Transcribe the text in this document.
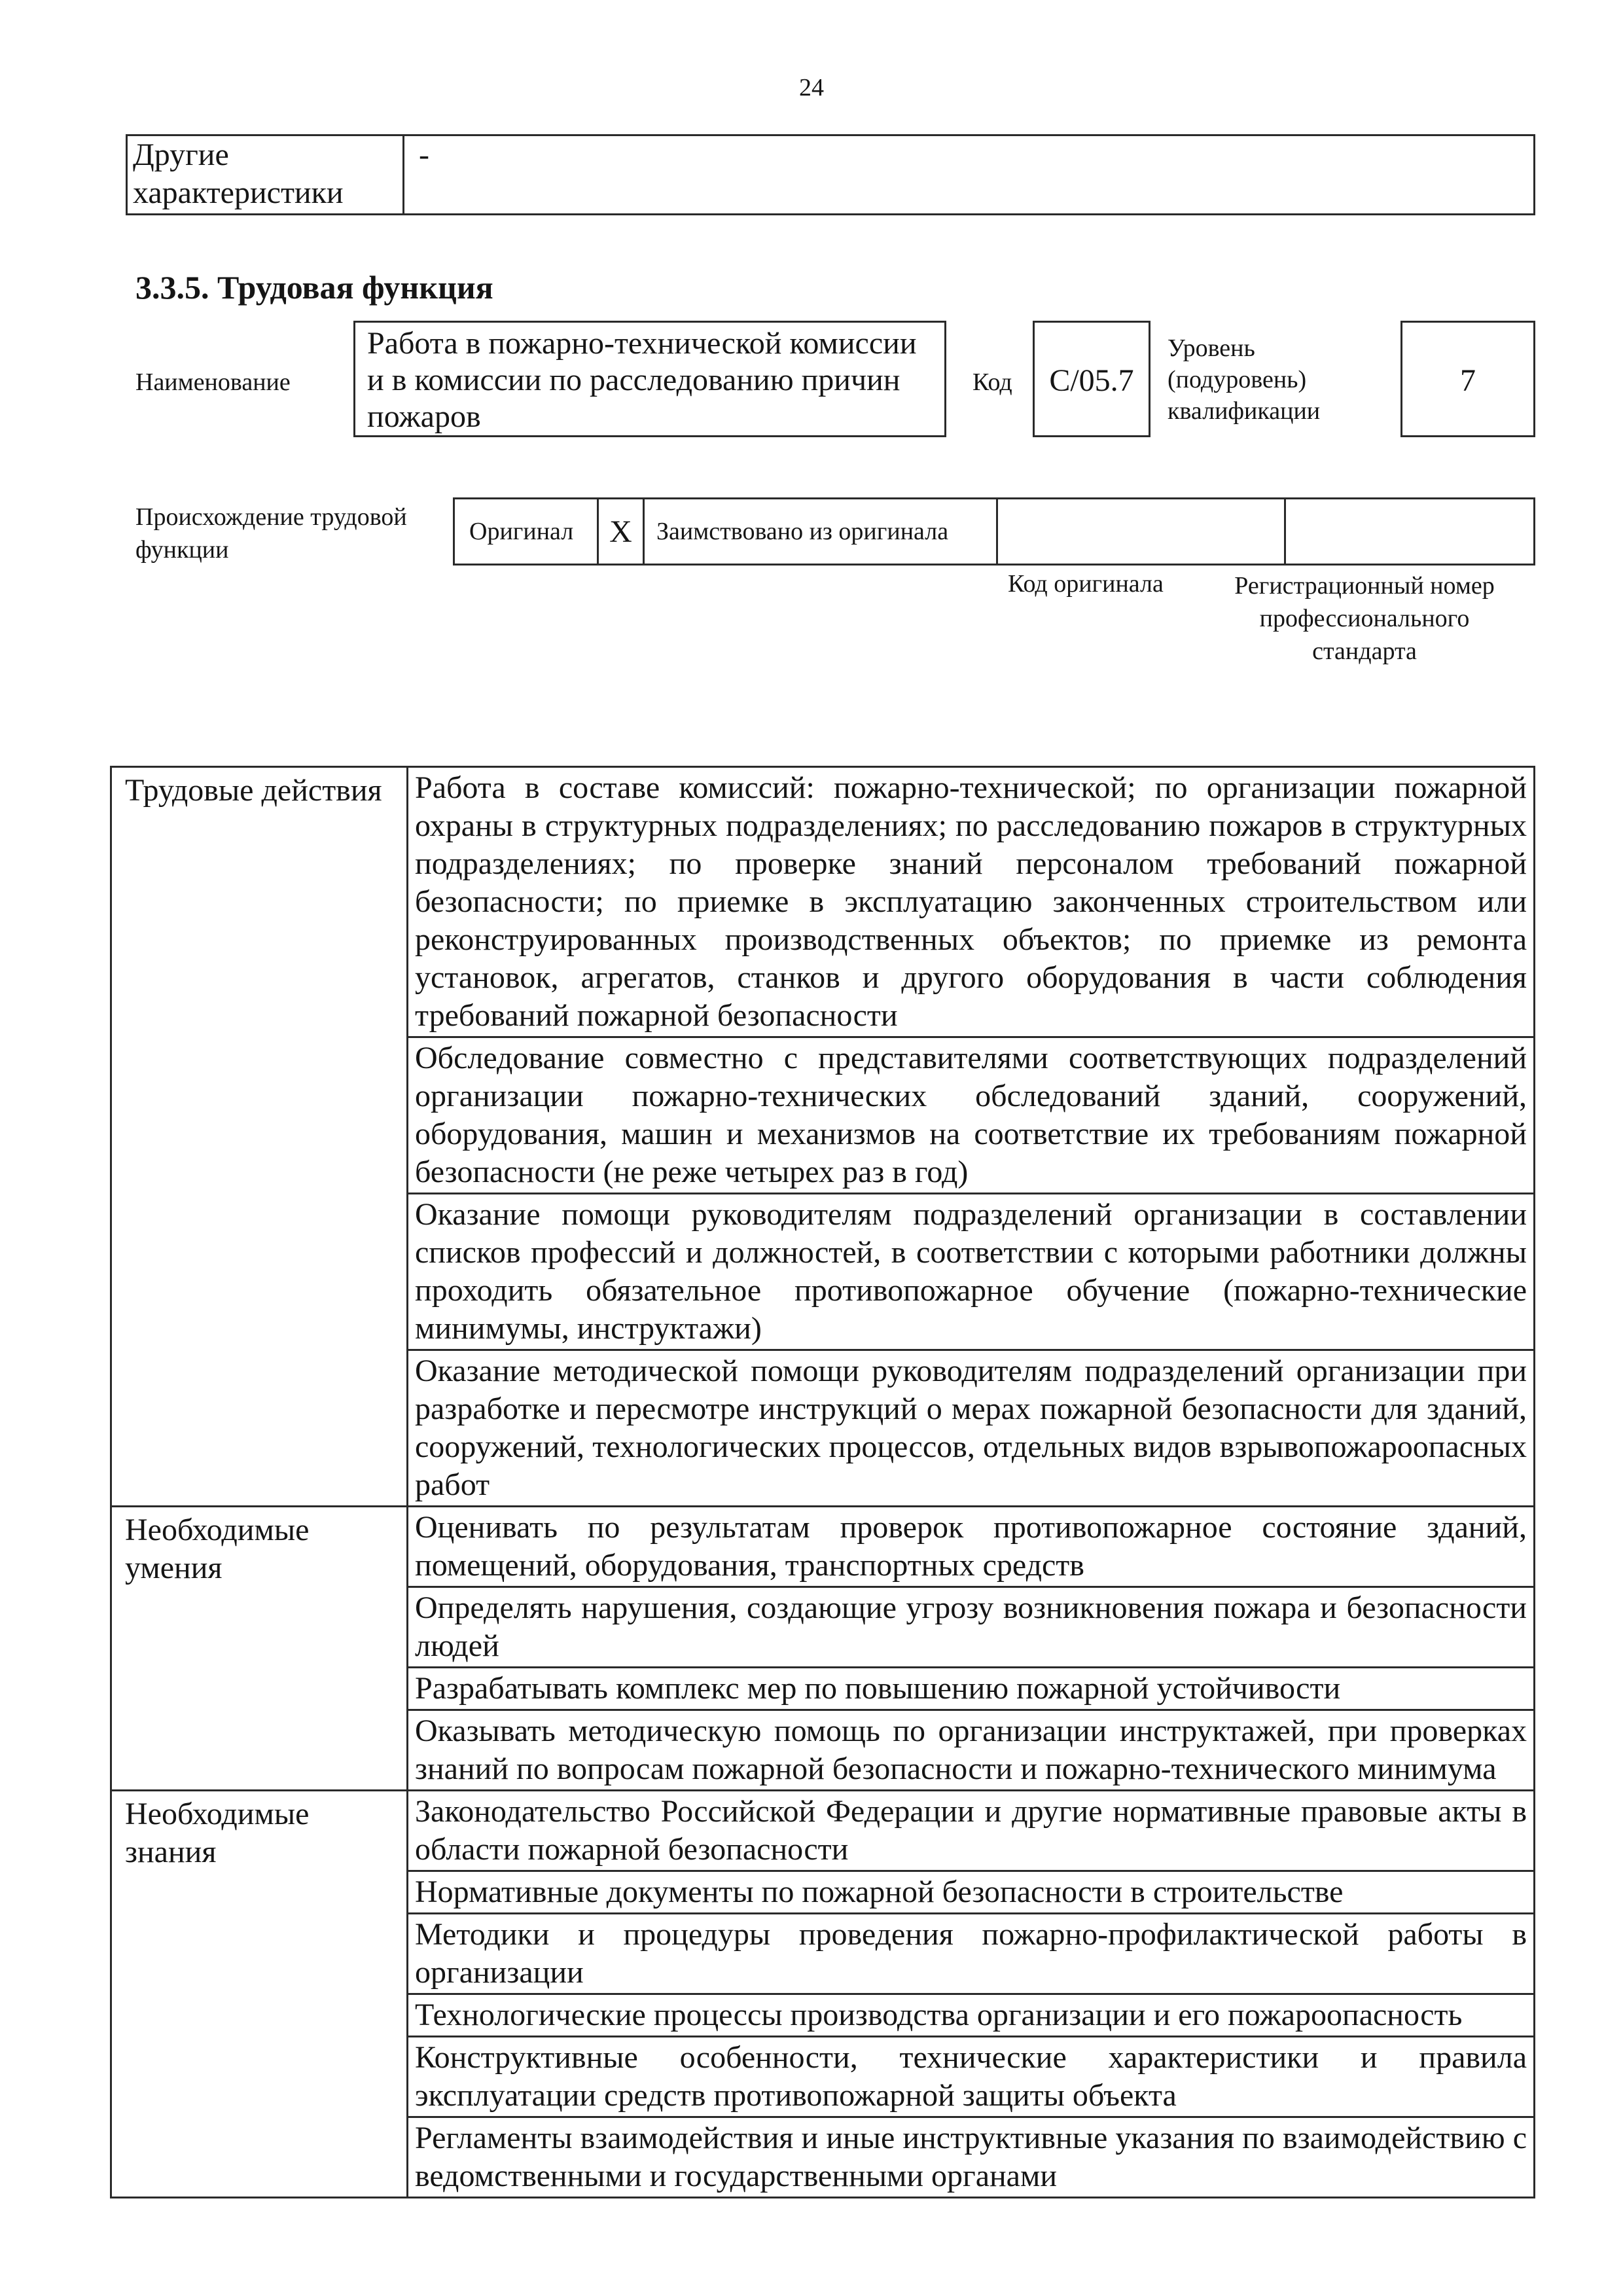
24
Другие характеристики	-
3.3.5. Трудовая функция
Наименование
Работа в пожарно-технической комиссии и в комиссии по расследованию причин пожаров
Код	C/05.7
Уровень (подуровень) квалификации
7
Происхождение трудовой функции
Оригинал	X Заимствовано из оригинала
Код оригинала	Регистрационный номер профессионального стандарта
Трудовые действия	Работа в составе комиссий: пожарно-технической; по организации пожарной охраны в структурных подразделениях; по расследованию пожаров в структурных подразделениях; по проверке знаний персоналом требований пожарной безопасности; по приемке в эксплуатацию законченных строительством или реконструированных производственных объектов; по приемке из ремонта установок, агрегатов, станков и другого оборудования в части соблюдения требований пожарной безопасности
	Обследование совместно с представителями соответствующих подразделений организации пожарно-технических обследований зданий, сооружений, оборудования, машин и механизмов на соответствие их требованиям пожарной безопасности (не реже четырех раз в год)
	Оказание помощи руководителям подразделений организации в составлении списков профессий и должностей, в соответствии с которыми работники должны проходить обязательное противопожарное обучение (пожарно-технические минимумы, инструктажи)
	Оказание методической помощи руководителям подразделений организации при разработке и пересмотре инструкций о мерах пожарной безопасности для зданий, сооружений, технологических процессов, отдельных видов взрывопожароопасных работ
Необходимые умения	Оценивать по результатам проверок противопожарное состояние зданий, помещений, оборудования, транспортных средств
	Определять нарушения, создающие угрозу возникновения пожара и безопасности людей
	Разрабатывать комплекс мер по повышению пожарной устойчивости
	Оказывать методическую помощь по организации инструктажей, при проверках знаний по вопросам пожарной безопасности и пожарно-технического минимума
Необходимые знания	Законодательство Российской Федерации и другие нормативные правовые акты в области пожарной безопасности
	Нормативные документы по пожарной безопасности в строительстве
	Методики и процедуры проведения пожарно-профилактической работы в организации
	Технологические процессы производства организации и его пожароопасность
	Конструктивные особенности, технические характеристики и правила эксплуатации средств противопожарной защиты объекта
	Регламенты взаимодействия и иные инструктивные указания по взаимодействию с ведомственными и государственными органами
